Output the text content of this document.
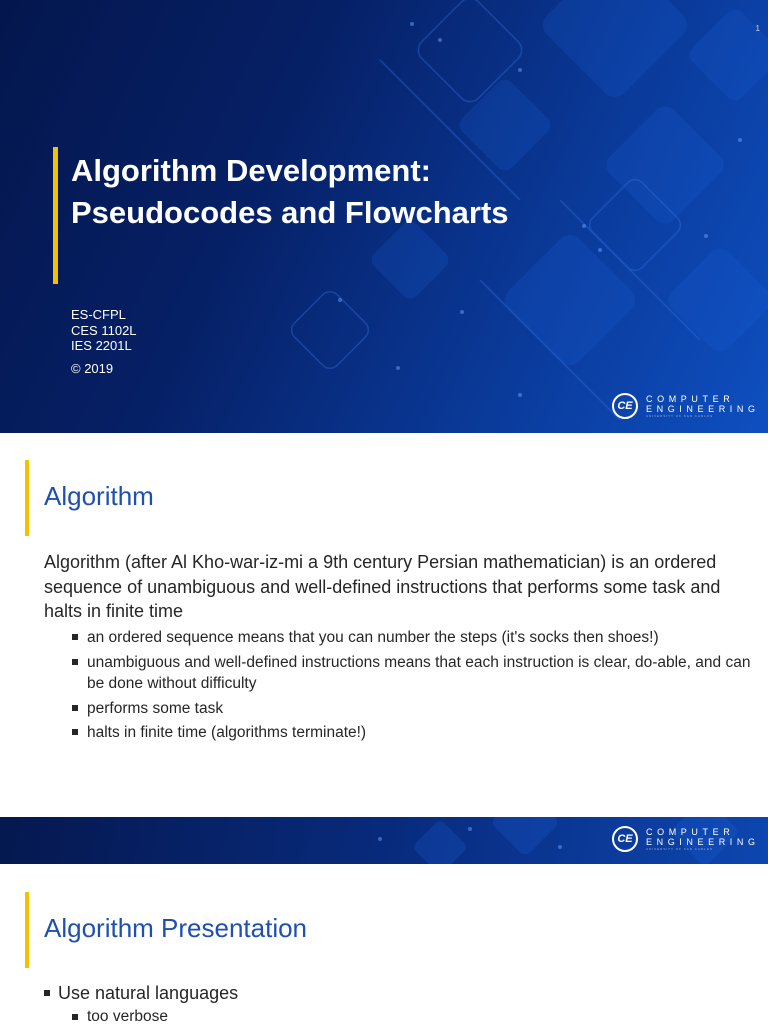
1
Algorithm Development:
Pseudocodes and Flowcharts
ES-CFPL
CES 1102L
IES 2201L
© 2019
CE
COMPUTER
ENGINEERING
UNIVERSITY OF SAN CARLOS
Algorithm

Algorithm (after Al Kho-war-iz-mi a 9th century Persian mathematician) is an ordered sequence of unambiguous and well-defined instructions that performs some task and halts in finite time

an ordered sequence means that you can number the steps (it's socks then shoes!)
unambiguous and well-defined instructions means that each instruction is clear, do-able, and can be done without difficulty
performs some task
halts in finite time (algorithms terminate!)
CE
COMPUTER
ENGINEERING
UNIVERSITY OF SAN CARLOS
Algorithm Presentation
Use natural languages
too verbose
